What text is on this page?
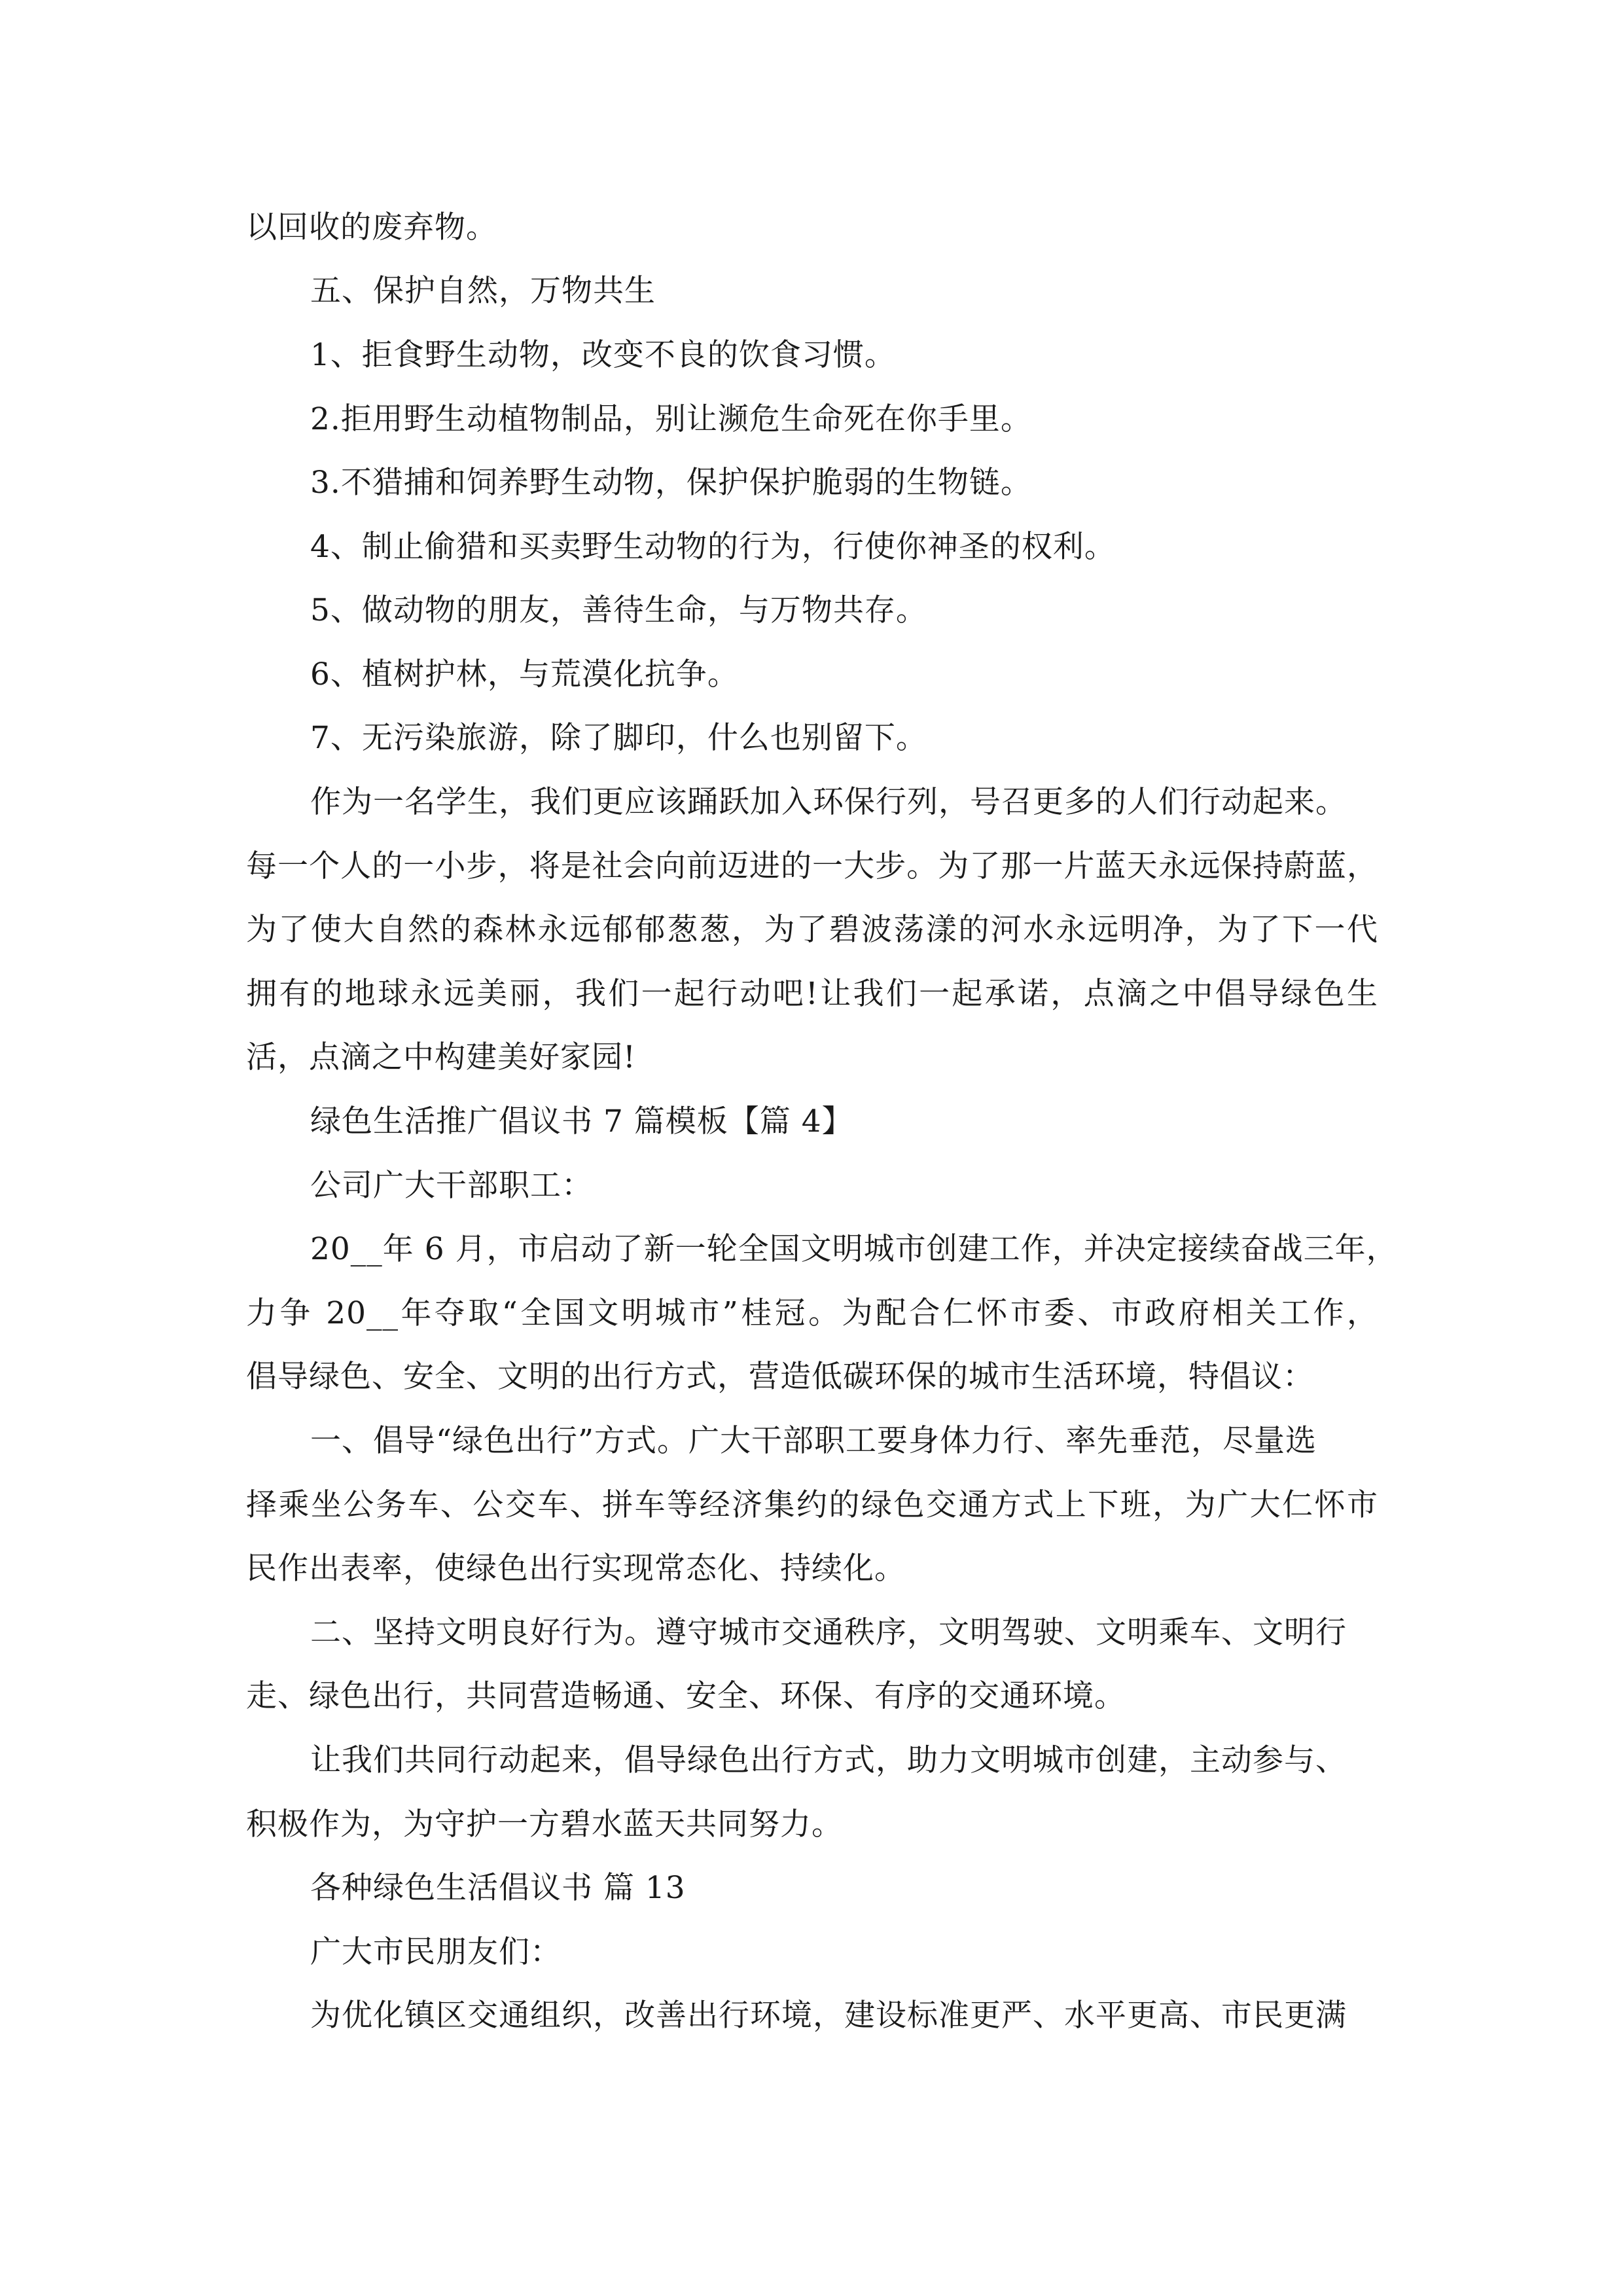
以回收的废弃物。
五、保护自然，万物共生
1、拒食野生动物，改变不良的饮食习惯。
2.拒用野生动植物制品，别让濒危生命死在你手里。
3.不猎捕和饲养野生动物，保护保护脆弱的生物链。
4、制止偷猎和买卖野生动物的行为，行使你神圣的权利。
5、做动物的朋友，善待生命，与万物共存。
6、植树护林，与荒漠化抗争。
7、无污染旅游，除了脚印，什么也别留下。
作为一名学生，我们更应该踊跃加入环保行列，号召更多的人们行动起来。
每一个人的一小步，将是社会向前迈进的一大步。为了那一片蓝天永远保持蔚蓝，
为了使大自然的森林永远郁郁葱葱，为了碧波荡漾的河水永远明净，为了下一代
拥有的地球永远美丽，我们一起行动吧!让我们一起承诺，点滴之中倡导绿色生
活，点滴之中构建美好家园!
绿色生活推广倡议书 7 篇模板【篇 4】
公司广大干部职工：
20__年 6 月，市启动了新一轮全国文明城市创建工作，并决定接续奋战三年，
力争 20__年夺取“全国文明城市”桂冠。为配合仁怀市委、市政府相关工作，
倡导绿色、安全、文明的出行方式，营造低碳环保的城市生活环境，特倡议：
一、倡导“绿色出行”方式。广大干部职工要身体力行、率先垂范，尽量选
择乘坐公务车、公交车、拼车等经济集约的绿色交通方式上下班，为广大仁怀市
民作出表率，使绿色出行实现常态化、持续化。
二、坚持文明良好行为。遵守城市交通秩序，文明驾驶、文明乘车、文明行
走、绿色出行，共同营造畅通、安全、环保、有序的交通环境。
让我们共同行动起来，倡导绿色出行方式，助力文明城市创建，主动参与、
积极作为，为守护一方碧水蓝天共同努力。
各种绿色生活倡议书 篇 13
广大市民朋友们：
为优化镇区交通组织，改善出行环境，建设标准更严、水平更高、市民更满
